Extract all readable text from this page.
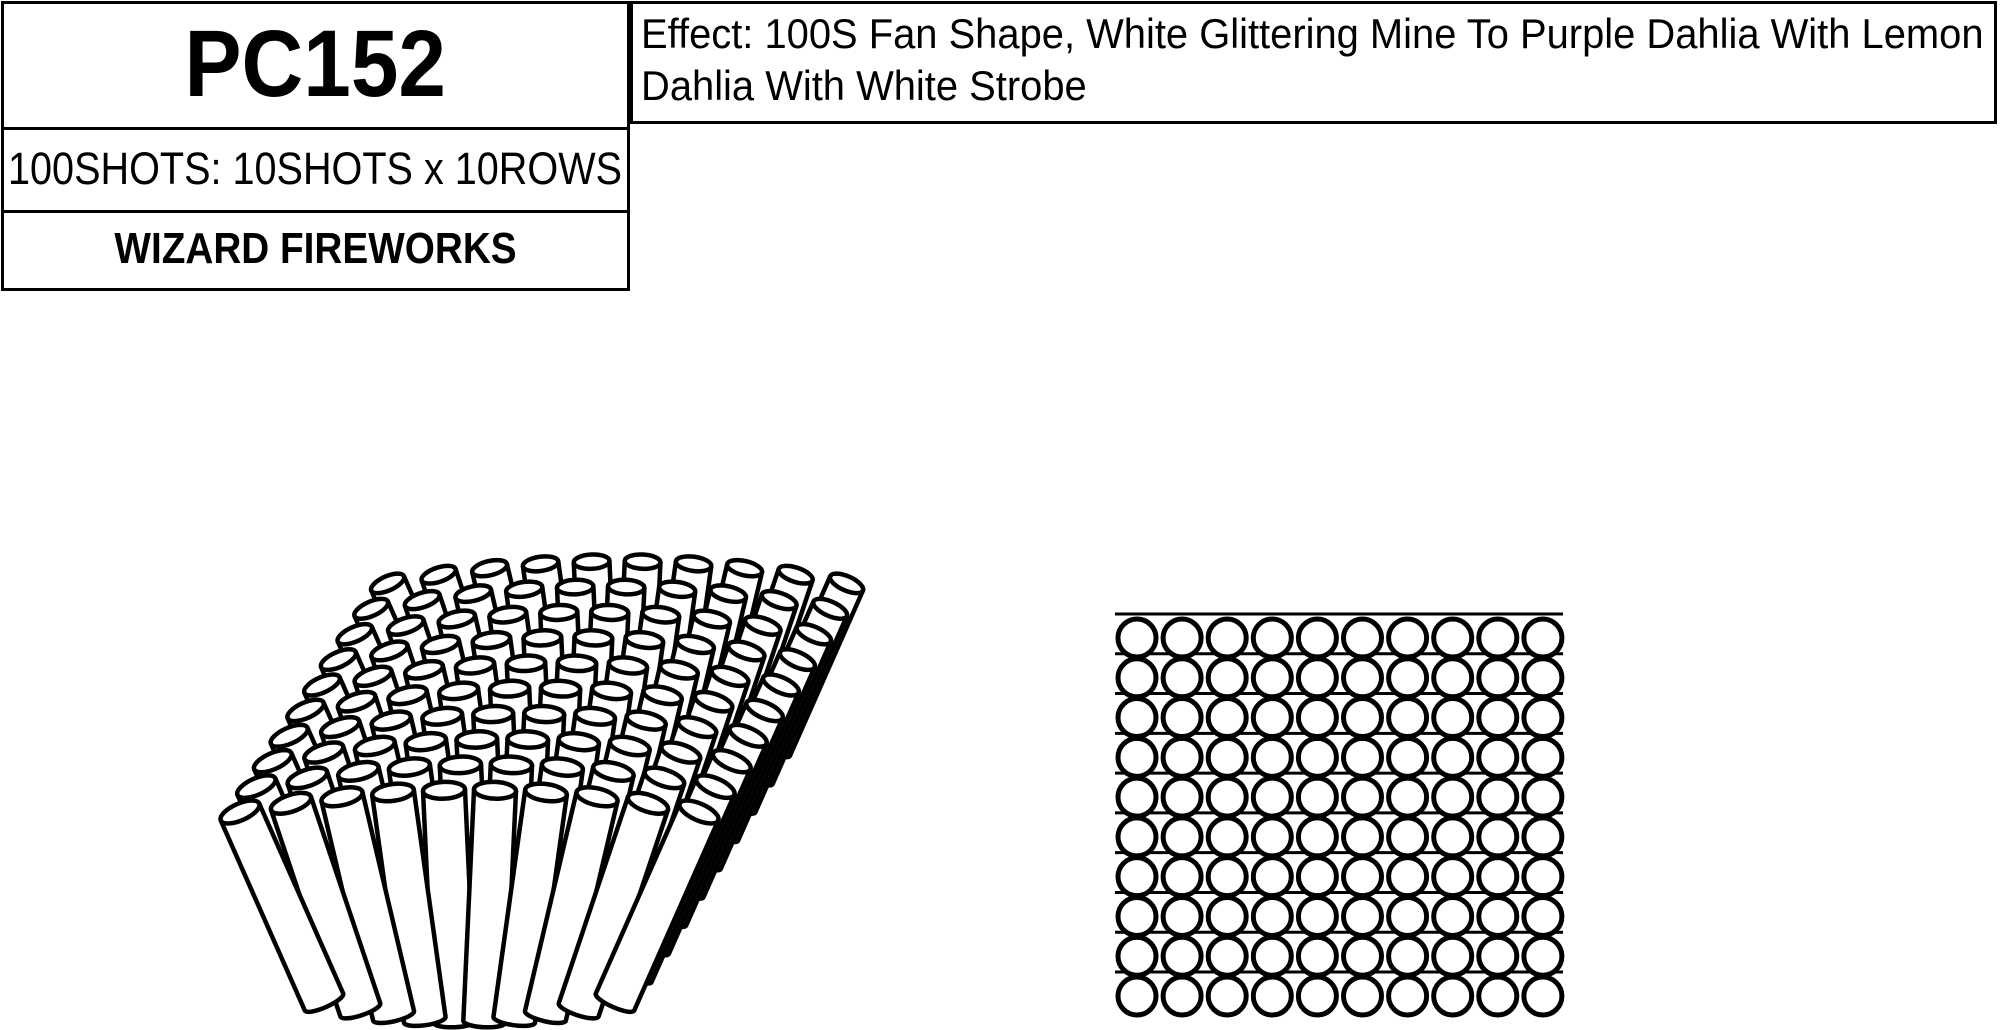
PC152
100SHOTS: 10SHOTS x 10ROWS
WIZARD FIREWORKS
Effect: 100S Fan Shape, White Glittering Mine To Purple Dahlia With Lemon
Dahlia With White Strobe
